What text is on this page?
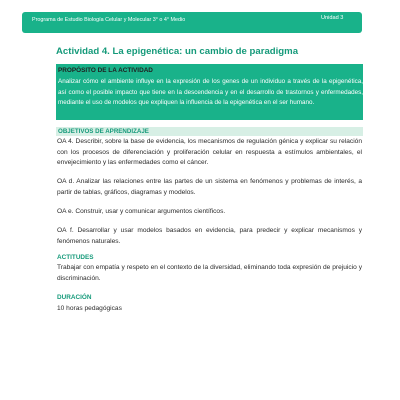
Programa de Estudio Biología Celular y Molecular 3° o 4° Medio	Unidad 3
Actividad 4. La epigenética: un cambio de paradigma
PROPÓSITO DE LA ACTIVIDAD
Analizar cómo el ambiente influye en la expresión de los genes de un individuo a través de la epigenética, así como el posible impacto que tiene en la descendencia y en el desarrollo de trastornos y enfermedades, mediante el uso de modelos que expliquen la influencia de la epigenética en el ser humano.
OBJETIVOS DE APRENDIZAJE
OA 4. Describir, sobre la base de evidencia, los mecanismos de regulación génica y explicar su relación con los procesos de diferenciación y proliferación celular en respuesta a estímulos ambientales, el envejecimiento y las enfermedades como el cáncer.
OA d. Analizar las relaciones entre las partes de un sistema en fenómenos y problemas de interés, a partir de tablas, gráficos, diagramas y modelos.
OA e. Construir, usar y comunicar argumentos científicos.
OA f. Desarrollar y usar modelos basados en evidencia, para predecir y explicar mecanismos y fenómenos naturales.
ACTITUDES
Trabajar con empatía y respeto en el contexto de la diversidad, eliminando toda expresión de prejuicio y discriminación.
DURACIÓN
10 horas pedagógicas
